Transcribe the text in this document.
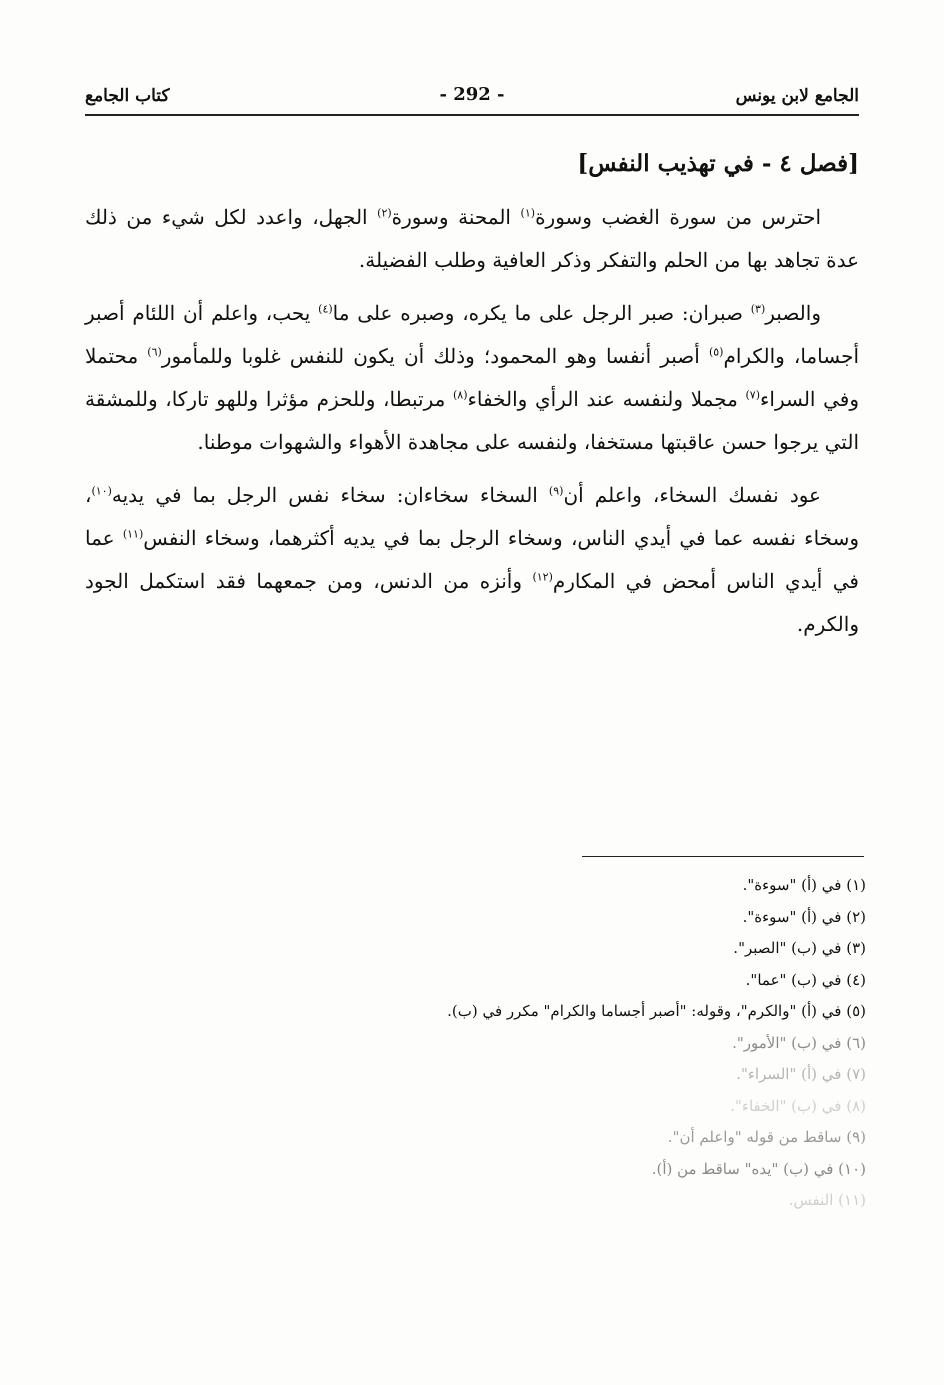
الجامع لابن يونس
- 292 -
كتاب الجامع
[فصل ٤ - في تهذيب النفس]

احترس من سورة الغضب وسورة$^{(١)}$ المحنة وسورة$^{(٢)}$ الجهل، واعدد لكل شيء من ذلك عدة تجاهد بها من الحلم والتفكر وذكر العافية وطلب الفضيلة.

والصبر$^{(٣)}$ صبران: صبر الرجل على ما يكره، وصبره على ما$^{(٤)}$ يحب، واعلم أن اللئام أصبر أجساما، والكرام$^{(٥)}$ أصبر أنفسا وهو المحمود؛ وذلك أن يكون للنفس غلوبا وللمأمور$^{(٦)}$ محتملا وفي السراء$^{(٧)}$ مجملا ولنفسه عند الرأي والخفاء$^{(٨)}$ مرتبطا، وللحزم مؤثرا وللهو تاركا، وللمشقة التي يرجوا حسن عاقبتها مستخفا، ولنفسه على مجاهدة الأهواء والشهوات موطنا.

عود نفسك السخاء، واعلم أن$^{(٩)}$ السخاء سخاءان: سخاء نفس الرجل بما في يديه$^{(١٠)}$، وسخاء نفسه عما في أيدي الناس، وسخاء الرجل بما في يديه أكثرهما، وسخاء النفس$^{(١١)}$ عما في أيدي الناس أمحض في المكارم$^{(١٢)}$ وأنزه من الدنس، ومن جمعهما فقد استكمل الجود والكرم.

(١) في (أ) "سوءة".
(٢) في (أ) "سوءة".
(٣) في (ب) "الصبر".
(٤) في (ب) "عما".
(٥) في (أ) "والكرم"، وقوله: "أصبر أجساما والكرام" مكرر في (ب).
(٦) في (ب) "الأمور".
(٧) في (أ) "السراء".
(٨) في (ب) "الخفاء".
(٩) ساقط من قوله "واعلم أن".
(١٠) في (ب) "يده" ساقط من (أ).
(١١) النفس.
